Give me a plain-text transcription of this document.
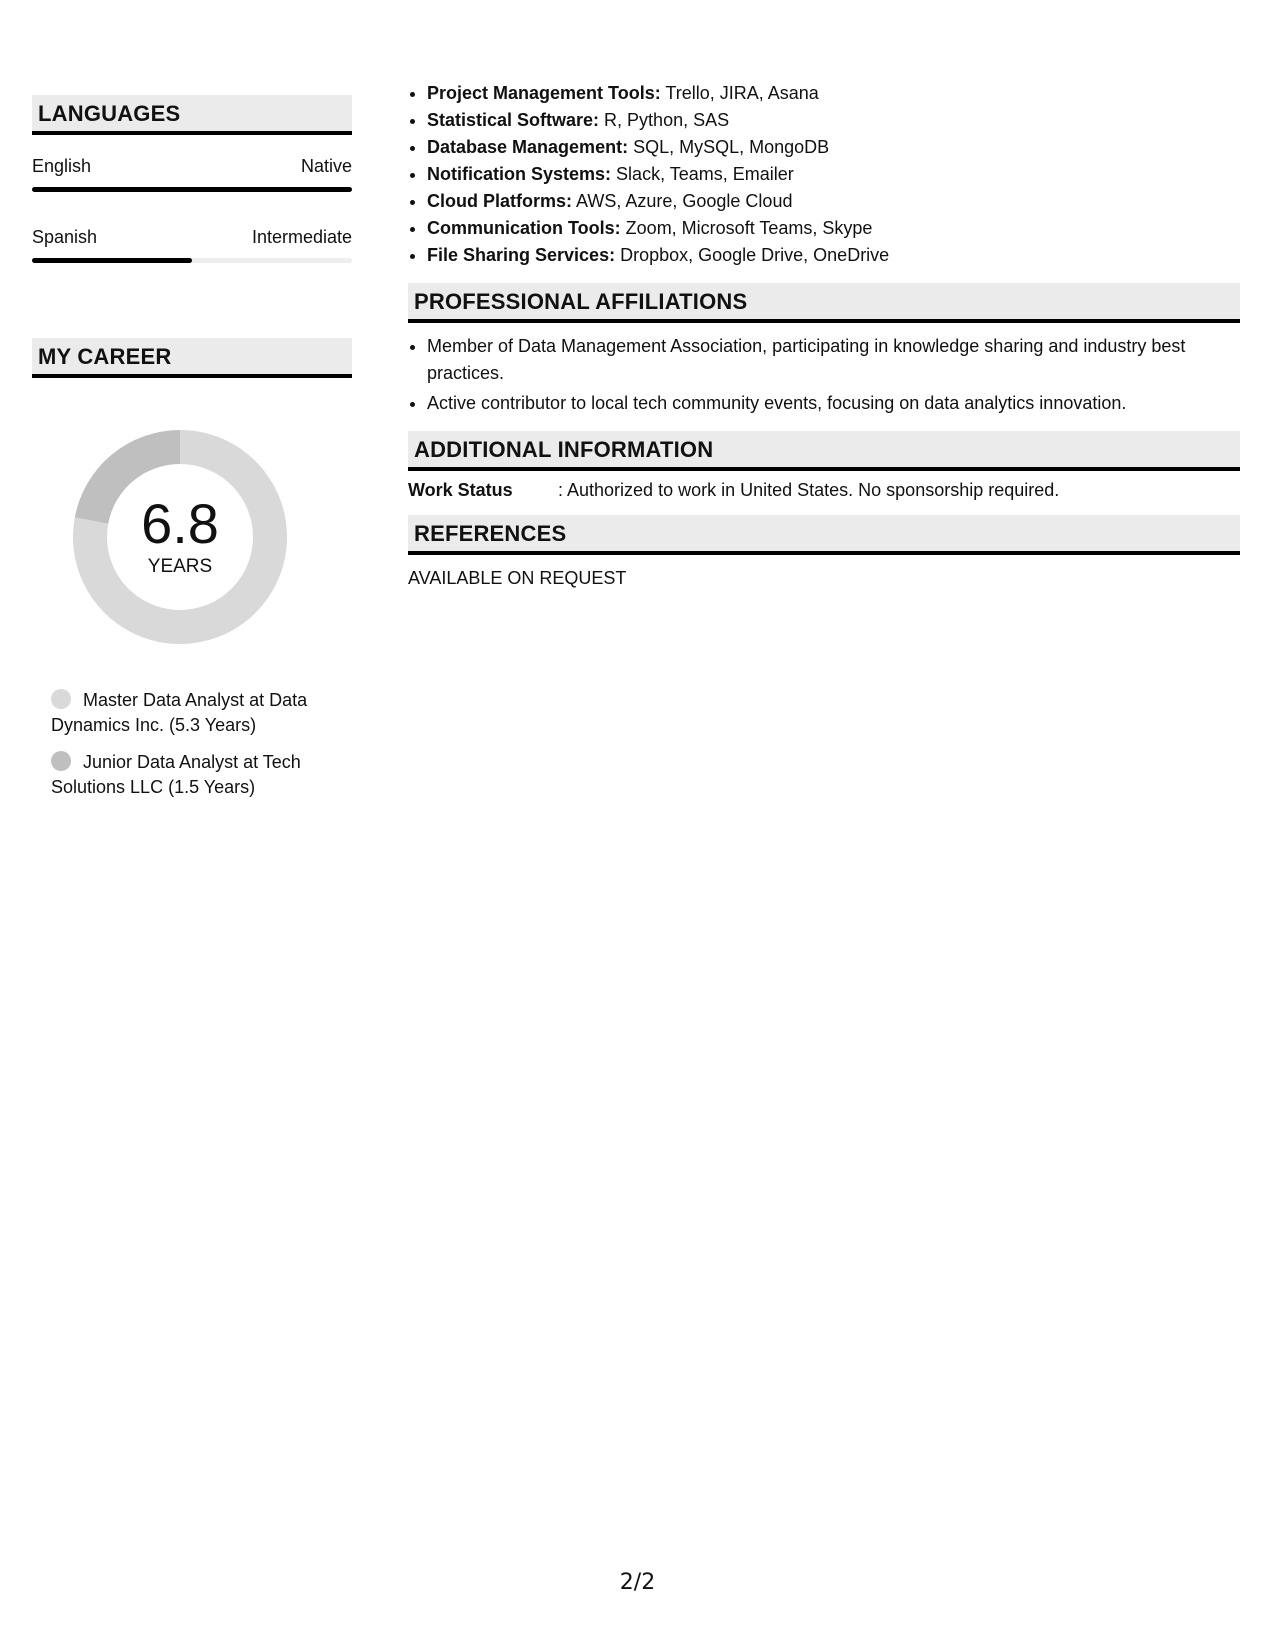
LANGUAGES
English	Native
Spanish	Intermediate
MY CAREER
6.8
YEARS
Master Data Analyst at Data Dynamics Inc. (5.3 Years)
Junior Data Analyst at Tech Solutions LLC (1.5 Years)
• Project Management Tools: Trello, JIRA, Asana
• Statistical Software: R, Python, SAS
• Database Management: SQL, MySQL, MongoDB
• Notification Systems: Slack, Teams, Emailer
• Cloud Platforms: AWS, Azure, Google Cloud
• Communication Tools: Zoom, Microsoft Teams, Skype
• File Sharing Services: Dropbox, Google Drive, OneDrive
PROFESSIONAL AFFILIATIONS
• Member of Data Management Association, participating in knowledge sharing and industry best practices.
• Active contributor to local tech community events, focusing on data analytics innovation.
ADDITIONAL INFORMATION
Work Status	: Authorized to work in United States. No sponsorship required.
REFERENCES
AVAILABLE ON REQUEST
2/2
